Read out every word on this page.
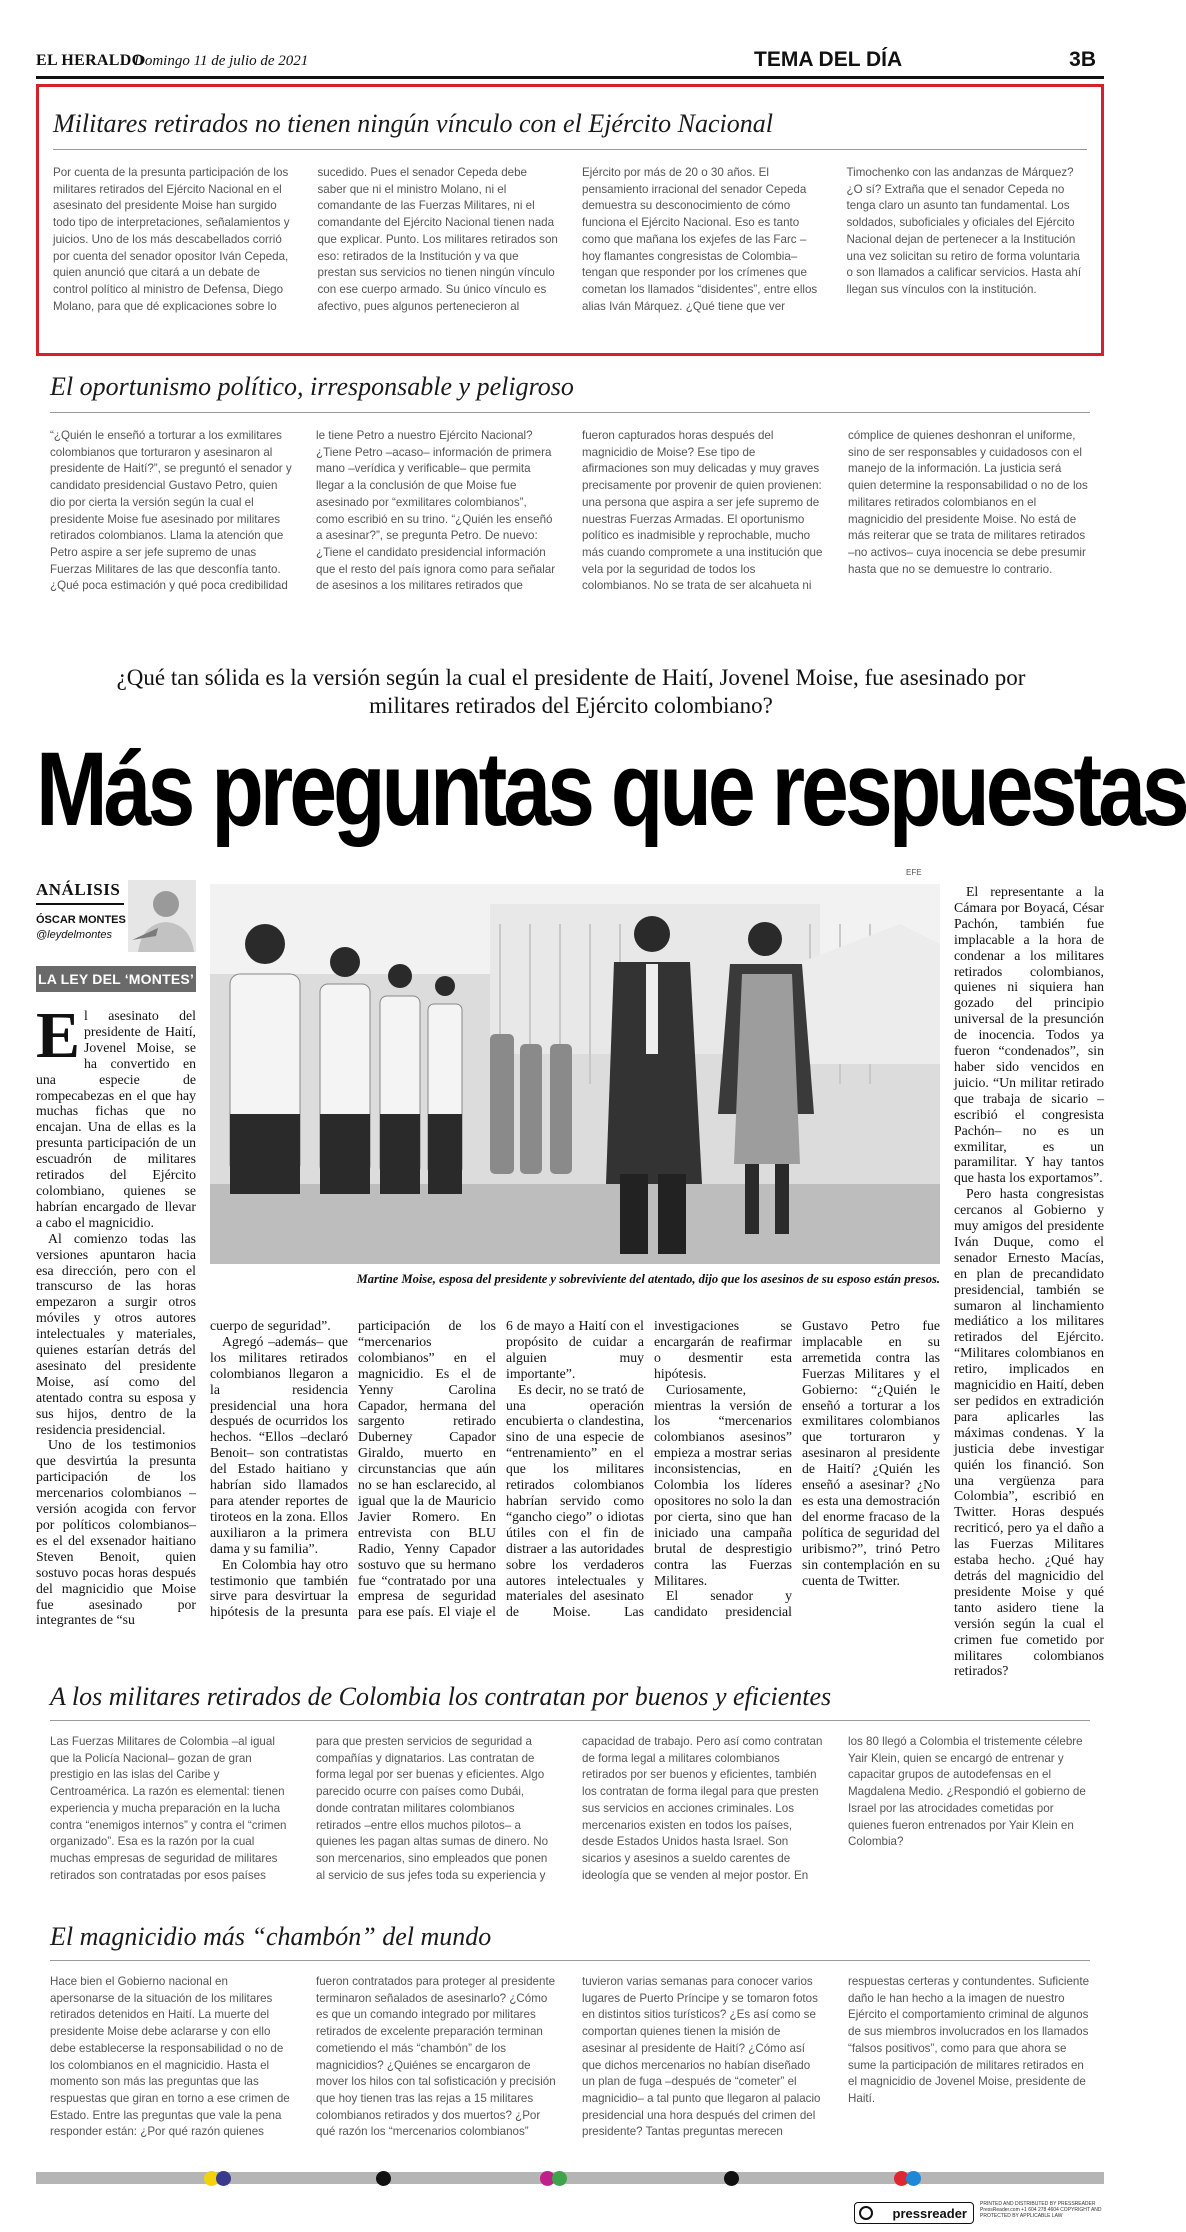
EL HERALDO
Domingo 11 de julio de 2021	TEMA DEL DÍA	3B
Militares retirados no tienen ningún vínculo con el Ejército Nacional

Por cuenta de la presunta participación de los militares retirados del Ejército Nacional en el asesinato del presidente Moise han surgido todo tipo de interpretaciones, señalamientos y juicios. Uno de los más descabellados corrió por cuenta del senador opositor Iván Cepeda, quien anunció que citará a un debate de control político al ministro de Defensa, Diego Molano, para que dé explicaciones sobre lo sucedido. Pues el senador Cepeda debe saber que ni el ministro Molano, ni el comandante de las Fuerzas Militares, ni el comandante del Ejército Nacional tienen nada que explicar. Punto. Los militares retirados son eso: retirados de la Institución y va que prestan sus servicios no tienen ningún vínculo con ese cuerpo armado. Su único vínculo es afectivo, pues algunos pertenecieron al Ejército por más de 20 o 30 años. El pensamiento irracional del senador Cepeda demuestra su desconocimiento de cómo funciona el Ejército Nacional. Eso es tanto como que mañana los exjefes de las Farc –hoy flamantes congresistas de Colombia– tengan que responder por los crímenes que cometan los llamados “disidentes”, entre ellos alias Iván Márquez. ¿Qué tiene que ver Timochenko con las andanzas de Márquez? ¿O sí? Extraña que el senador Cepeda no tenga claro un asunto tan fundamental. Los soldados, suboficiales y oficiales del Ejército Nacional dejan de pertenecer a la Institución una vez solicitan su retiro de forma voluntaria o son llamados a calificar servicios. Hasta ahí llegan sus vínculos con la institución.

El oportunismo político, irresponsable y peligroso

“¿Quién le enseñó a torturar a los exmilitares colombianos que torturaron y asesinaron al presidente de Haití?”, se preguntó el senador y candidato presidencial Gustavo Petro, quien dio por cierta la versión según la cual el presidente Moise fue asesinado por militares retirados colombianos. Llama la atención que Petro aspire a ser jefe supremo de unas Fuerzas Militares de las que desconfía tanto. ¿Qué poca estimación y qué poca credibilidad le tiene Petro a nuestro Ejército Nacional? ¿Tiene Petro –acaso– información de primera mano –verídica y verificable– que permita llegar a la conclusión de que Moise fue asesinado por “exmilitares colombianos”, como escribió en su trino. “¿Quién les enseñó a asesinar?”, se pregunta Petro. De nuevo: ¿Tiene el candidato presidencial información que el resto del país ignora como para señalar de asesinos a los militares retirados que fueron capturados horas después del magnicidio de Moise? Ese tipo de afirmaciones son muy delicadas y muy graves precisamente por provenir de quien provienen: una persona que aspira a ser jefe supremo de nuestras Fuerzas Armadas. El oportunismo político es inadmisible y reprochable, mucho más cuando compromete a una institución que vela por la seguridad de todos los colombianos. No se trata de ser alcahueta ni cómplice de quienes deshonran el uniforme, sino de ser responsables y cuidadosos con el manejo de la información. La justicia será quien determine la responsabilidad o no de los militares retirados colombianos en el magnicidio del presidente Moise. No está de más reiterar que se trata de militares retirados –no activos– cuya inocencia se debe presumir hasta que no se demuestre lo contrario.

¿Qué tan sólida es la versión según la cual el presidente de Haití, Jovenel Moise, fue asesinado por militares retirados del Ejército colombiano?
Más preguntas que respuestas
ANÁLISIS
ÓSCAR MONTES
@leydelmontes
LA LEY DEL ‘MONTES’
EFE
Martine Moise, esposa del presidente y sobreviviente del atentado, dijo que los asesinos de su esposo están presos.

El asesinato del presidente de Haití, Jovenel Moise, se ha convertido en una especie de rompecabezas en el que hay muchas fichas que no encajan. Una de ellas es la presunta participación de un escuadrón de militares retirados del Ejército colombiano, quienes se habrían encargado de llevar a cabo el magnicidio.

Al comienzo todas las versiones apuntaron hacia esa dirección, pero con el transcurso de las horas empezaron a surgir otros móviles y otros autores intelectuales y materiales, quienes estarían detrás del asesinato del presidente Moise, así como del atentado contra su esposa y sus hijos, dentro de la residencia presidencial.

Uno de los testimonios que desvirtúa la presunta participación de los mercenarios colombianos –versión acogida con fervor por políticos colombianos– es el del exsenador haitiano Steven Benoit, quien sostuvo pocas horas después del magnicidio que Moise fue asesinado por integrantes de “su

cuerpo de seguridad”.

Agregó –además– que los militares retirados colombianos llegaron a la residencia presidencial una hora después de ocurridos los hechos. “Ellos –declaró Benoit– son contratistas del Estado haitiano y habrían sido llamados para atender reportes de tiroteos en la zona. Ellos auxiliaron a la primera dama y su familia”.

En Colombia hay otro testimonio que también sirve para desvirtuar la hipótesis de la presunta participación de los “mercenarios colombianos” en el magnicidio. Es el de Yenny Carolina Capador, hermana del sargento retirado Duberney Capador Giraldo, muerto en circunstancias que aún no se han esclarecido, al igual que la de Mauricio Javier Romero. En entrevista con BLU Radio, Yenny Capador sostuvo que su hermano fue “contratado por una empresa de seguridad para ese país. El viaje el 6 de mayo a Haití con el propósito de cuidar a alguien muy importante”.

Es decir, no se trató de una operación encubierta o clandestina, sino de una especie de “entrenamiento” en el que los militares retirados colombianos habrían servido como “gancho ciego” o idiotas útiles con el fin de distraer a las autoridades sobre los verdaderos autores intelectuales y materiales del asesinato de Moise. Las investigaciones se encargarán de reafirmar o desmentir esta hipótesis.

Curiosamente, mientras la versión de los “mercenarios colombianos asesinos” empieza a mostrar serias inconsistencias, en Colombia los líderes opositores no solo la dan por cierta, sino que han iniciado una campaña brutal de desprestigio contra las Fuerzas Militares.

El senador y candidato presidencial Gustavo Petro fue implacable en su arremetida contra las Fuerzas Militares y el Gobierno: “¿Quién le enseñó a torturar a los exmilitares colombianos que torturaron y asesinaron al presidente de Haití? ¿Quién les enseñó a asesinar? ¿No es esta una demostración del enorme fracaso de la política de seguridad del uribismo?”, trinó Petro sin contemplación en su cuenta de Twitter.

El representante a la Cámara por Boyacá, César Pachón, también fue implacable a la hora de condenar a los militares retirados colombianos, quienes ni siquiera han gozado del principio universal de la presunción de inocencia. Todos ya fueron “condenados”, sin haber sido vencidos en juicio. “Un militar retirado que trabaja de sicario –escribió el congresista Pachón– no es un exmilitar, es un paramilitar. Y hay tantos que hasta los exportamos”.

Pero hasta congresistas cercanos al Gobierno y muy amigos del presidente Iván Duque, como el senador Ernesto Macías, en plan de precandidato presidencial, también se sumaron al linchamiento mediático a los militares retirados del Ejército. “Militares colombianos en retiro, implicados en magnicidio en Haití, deben ser pedidos en extradición para aplicarles las máximas condenas. Y la justicia debe investigar quién los financió. Son una vergüenza para Colombia”, escribió en Twitter. Horas después recriticó, pero ya el daño a las Fuerzas Militares estaba hecho. ¿Qué hay detrás del magnicidio del presidente Moise y qué tanto asidero tiene la versión según la cual el crimen fue cometido por militares colombianos retirados?

A los militares retirados de Colombia los contratan por buenos y eficientes

Las Fuerzas Militares de Colombia –al igual que la Policía Nacional– gozan de gran prestigio en las islas del Caribe y Centroamérica. La razón es elemental: tienen experiencia y mucha preparación en la lucha contra “enemigos internos” y contra el “crimen organizado”. Esa es la razón por la cual muchas empresas de seguridad de militares retirados son contratadas por esos países para que presten servicios de seguridad a compañías y dignatarios. Las contratan de forma legal por ser buenas y eficientes. Algo parecido ocurre con países como Dubái, donde contratan militares colombianos retirados –entre ellos muchos pilotos– a quienes les pagan altas sumas de dinero. No son mercenarios, sino empleados que ponen al servicio de sus jefes toda su experiencia y capacidad de trabajo. Pero así como contratan de forma legal a militares colombianos retirados por ser buenos y eficientes, también los contratan de forma ilegal para que presten sus servicios en acciones criminales. Los mercenarios existen en todos los países, desde Estados Unidos hasta Israel. Son sicarios y asesinos a sueldo carentes de ideología que se venden al mejor postor. En los 80 llegó a Colombia el tristemente célebre Yair Klein, quien se encargó de entrenar y capacitar grupos de autodefensas en el Magdalena Medio. ¿Respondió el gobierno de Israel por las atrocidades cometidas por quienes fueron entrenados por Yair Klein en Colombia?

El magnicidio más “chambón” del mundo

Hace bien el Gobierno nacional en apersonarse de la situación de los militares retirados detenidos en Haití. La muerte del presidente Moise debe aclararse y con ello debe establecerse la responsabilidad o no de los colombianos en el magnicidio. Hasta el momento son más las preguntas que las respuestas que giran en torno a ese crimen de Estado. Entre las preguntas que vale la pena responder están: ¿Por qué razón quienes fueron contratados para proteger al presidente terminaron señalados de asesinarlo? ¿Cómo es que un comando integrado por militares retirados de excelente preparación terminan cometiendo el más “chambón” de los magnicidios? ¿Quiénes se encargaron de mover los hilos con tal sofisticación y precisión que hoy tienen tras las rejas a 15 militares colombianos retirados y dos muertos? ¿Por qué razón los “mercenarios colombianos” tuvieron varias semanas para conocer varios lugares de Puerto Príncipe y se tomaron fotos en distintos sitios turísticos? ¿Es así como se comportan quienes tienen la misión de asesinar al presidente de Haití? ¿Cómo así que dichos mercenarios no habían diseñado un plan de fuga –después de “cometer” el magnicidio– a tal punto que llegaron al palacio presidencial una hora después del crimen del presidente? Tantas preguntas merecen respuestas certeras y contundentes. Suficiente daño le han hecho a la imagen de nuestro Ejército el comportamiento criminal de algunos de sus miembros involucrados en los llamados “falsos positivos”, como para que ahora se sume la participación de militares retirados en el magnicidio de Jovenel Moise, presidente de Haití.

pressreader
PRINTED AND DISTRIBUTED BY PRESSREADER PressReader.com +1 604 278 4604 COPYRIGHT AND PROTECTED BY APPLICABLE LAW
